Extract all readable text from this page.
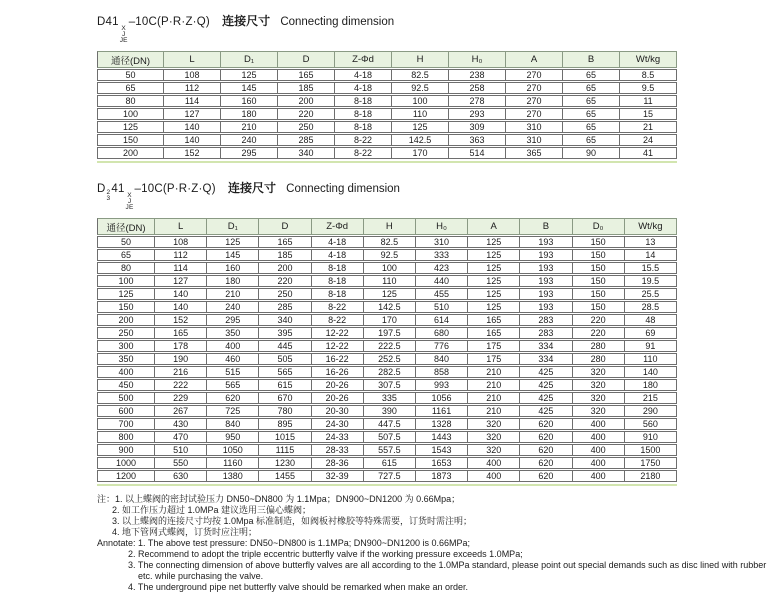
D41
X
J
JE
–10C(P·R·Z·Q) 连接尺寸 Connecting dimension
通径(DN)	L	D₁	D	Z-Φd	H	H₀	A	B	Wt/kg
50	108	125	165	4-18	82.5	238	270	65	8.5
65	112	145	185	4-18	92.5	258	270	65	9.5
80	114	160	200	8-18	100	278	270	65	11
100	127	180	220	8-18	110	293	270	65	15
125	140	210	250	8-18	125	309	310	65	21
150	140	240	285	8-22	142.5	363	310	65	24
200	152	295	340	8-22	170	514	365	90	41
D 2
3
41
X
J
JE
–10C(P·R·Z·Q) 连接尺寸 Connecting dimension
通径(DN)	L	D₁	D	Z-Φd	H	H₀	A	B	D₀	Wt/kg
50	108	125	165	4-18	82.5	310	125	193	150	13
65	112	145	185	4-18	92.5	333	125	193	150	14
80	114	160	200	8-18	100	423	125	193	150	15.5
100	127	180	220	8-18	110	440	125	193	150	19.5
125	140	210	250	8-18	125	455	125	193	150	25.5
150	140	240	285	8-22	142.5	510	125	193	150	28.5
200	152	295	340	8-22	170	614	165	283	220	48
250	165	350	395	12-22	197.5	680	165	283	220	69
300	178	400	445	12-22	222.5	776	175	334	280	91
350	190	460	505	16-22	252.5	840	175	334	280	110
400	216	515	565	16-26	282.5	858	210	425	320	140
450	222	565	615	20-26	307.5	993	210	425	320	180
500	229	620	670	20-26	335	1056	210	425	320	215
600	267	725	780	20-30	390	1161	210	425	320	290
700	430	840	895	24-30	447.5	1328	320	620	400	560
800	470	950	1015	24-33	507.5	1443	320	620	400	910
900	510	1050	1115	28-33	557.5	1543	320	620	400	1500
1000	550	1160	1230	28-36	615	1653	400	620	400	1750
1200	630	1380	1455	32-39	727.5	1873	400	620	400	2180
注：1. 以上蝶阀的密封试验压力 DN50~DN800 为 1.1Mpa；DN900~DN1200 为 0.66Mpa；
2. 如工作压力超过 1.0MPa 建议选用三偏心蝶阀；
3. 以上蝶阀的连接尺寸均按 1.0Mpa 标准制造，如阀板衬橡胶等特殊需要，订货时需注明；
4. 地下管网式蝶阀，订货时应注明；
Annotate: 1. The above test pressure: DN50~DN800 is 1.1MPa; DN900~DN1200 is 0.66MPa;
2. Recommend to adopt the triple eccentric butterfly valve if the working pressure exceeds 1.0MPa;
3. The connecting dimension of above butterfly valves are all according to the 1.0MPa standard, please point out special demands such as disc lined with rubber
etc. while purchasing the valve.
4. The underground pipe net butterfly valve should be remarked when make an order.
